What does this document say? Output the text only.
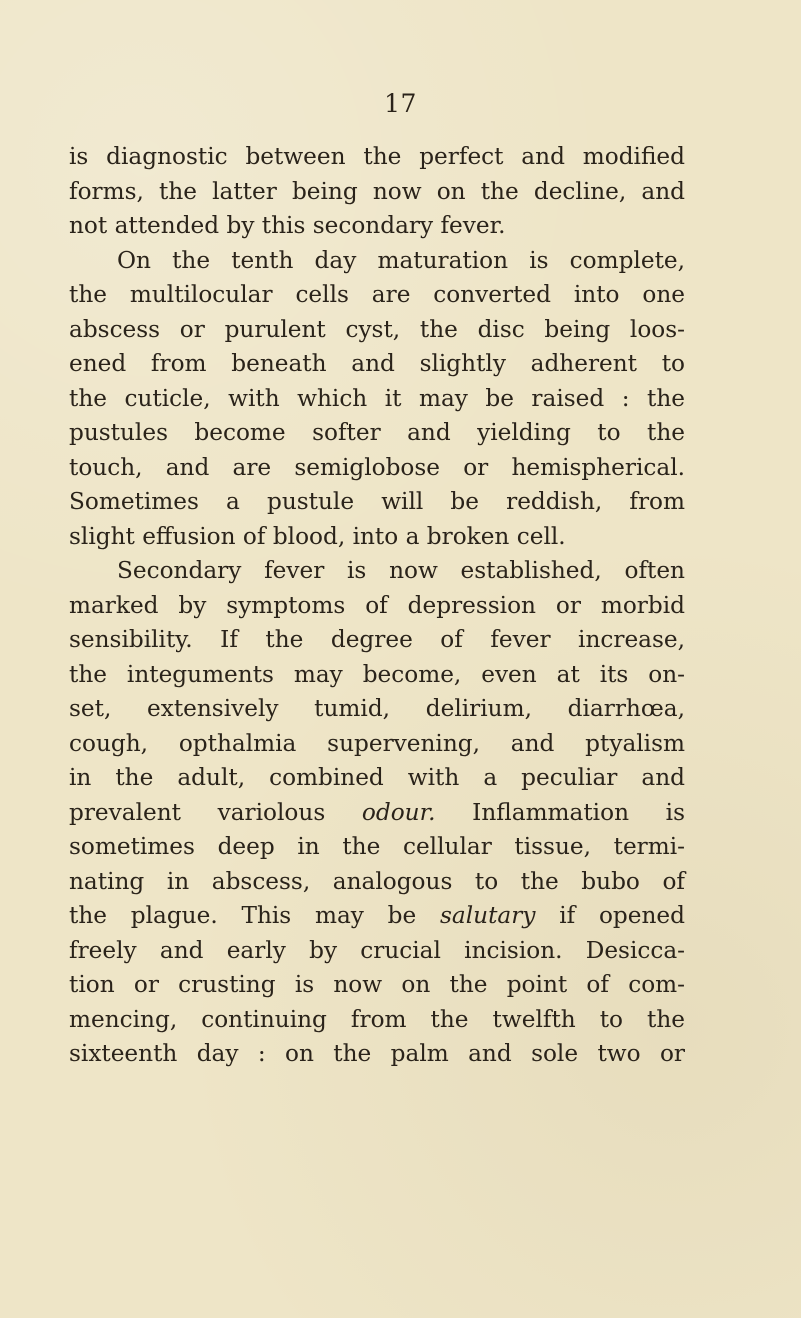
17
is diagnostic between the perfect and modified
forms, the latter being now on the decline, and
not attended by this secondary fever.
On the tenth day maturation is complete,
the multilocular cells are converted into one
abscess or purulent cyst, the disc being loos-
ened from beneath and slightly adherent to
the cuticle, with which it may be raised : the
pustules become softer and yielding to the
touch, and are semiglobose or hemispherical.
Sometimes a pustule will be reddish, from
slight effusion of blood, into a broken cell.
Secondary fever is now established, often
marked by symptoms of depression or morbid
sensibility. If the degree of fever increase,
the integuments may become, even at its on-
set, extensively tumid, delirium, diarrhœa,
cough, opthalmia supervening, and ptyalism
in the adult, combined with a peculiar and
prevalent variolous odour. Inflammation is
sometimes deep in the cellular tissue, termi-
nating in abscess, analogous to the bubo of
the plague. This may be salutary if opened
freely and early by crucial incision. Desicca-
tion or crusting is now on the point of com-
mencing, continuing from the twelfth to the
sixteenth day : on the palm and sole two or
